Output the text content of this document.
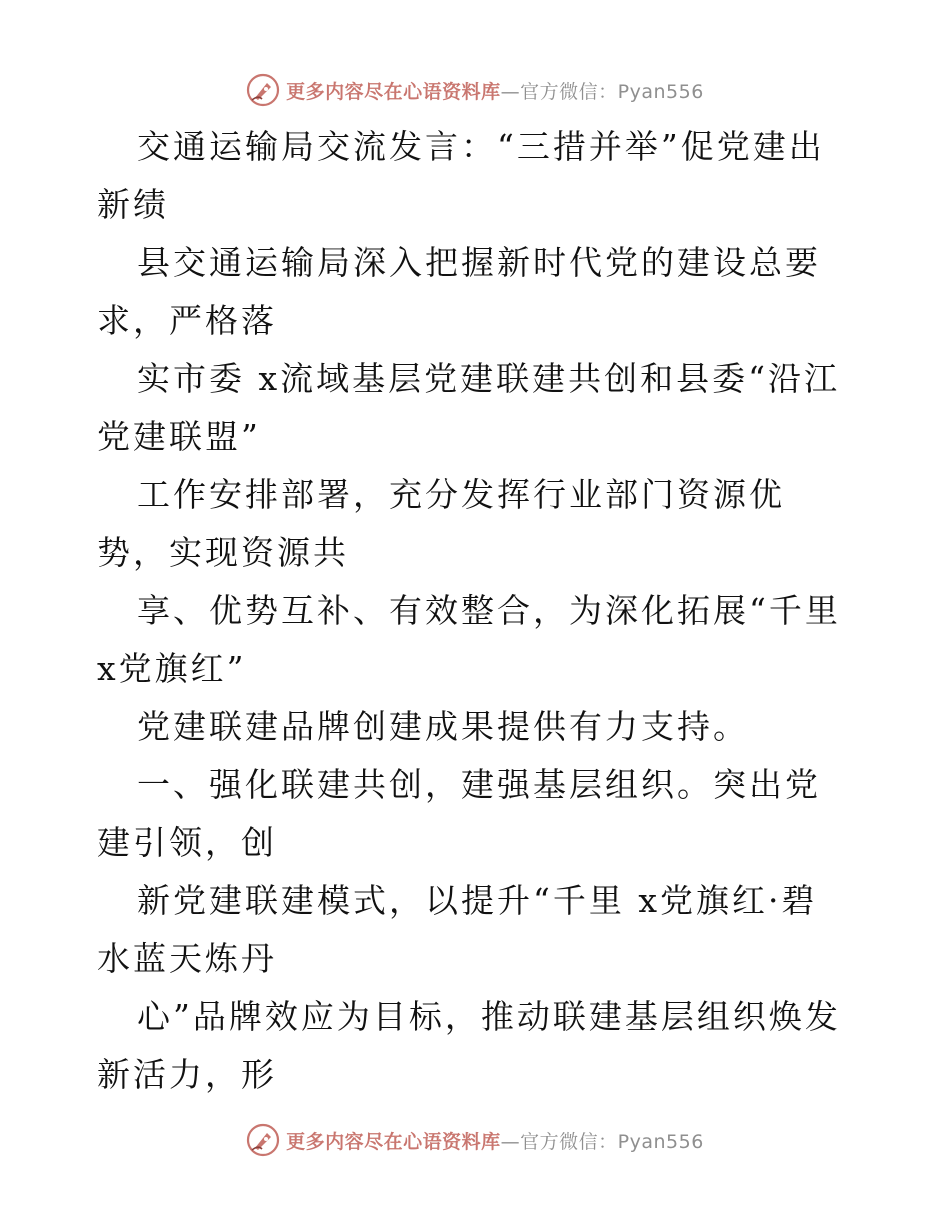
更多内容尽在心语资料库—官方微信：Pyan556

交通运输局交流发言：“三措并举”促党建出新绩

县交通运输局深入把握新时代党的建设总要求，严格落

实市委 x流域基层党建联建共创和县委“沿江党建联盟”

工作安排部署，充分发挥行业部门资源优势，实现资源共

享、优势互补、有效整合，为深化拓展“千里 x党旗红”

党建联建品牌创建成果提供有力支持。

一、强化联建共创，建强基层组织。突出党建引领，创

新党建联建模式，以提升“千里 x党旗红·碧水蓝天炼丹

心”品牌效应为目标，推动联建基层组织焕发新活力，形

更多内容尽在心语资料库—官方微信：Pyan556
